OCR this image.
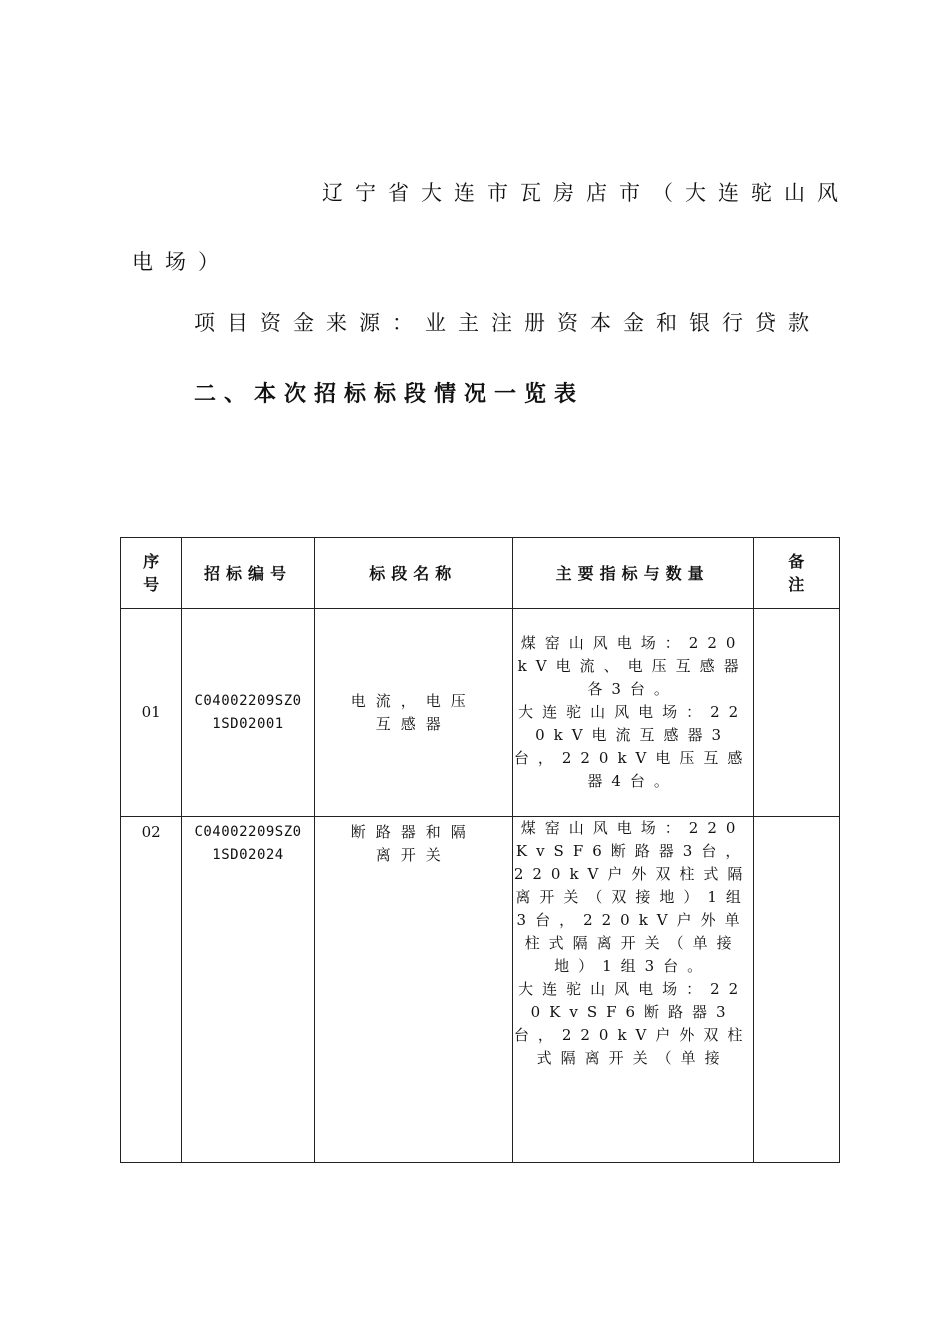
辽宁省大连市瓦房店市（大连驼山风
电场）
项目资金来源：业主注册资本金和银行贷款
二、本次招标标段情况一览表
序号	招标编号	标段名称	主要指标与数量	备注
01	C04002209SZ01SD02001	电流，电压互感器	煤窑山风电场：220kV电流、电压互感器各3台。
大连驼山风电场：220kV电流互感器3台，220kV电压互感器4台。	

02	C04002209SZ01SD02024	断路器和隔离开关	煤窑山风电场：220KvSF6断路器3台，220kV户外双柱式隔离开关（双接地）1组3台，220kV户外单柱式隔离开关（单接地）1组3台。
大连驼山风电场：220KvSF6断路器3台，220kV户外双柱式隔离开关（单接	
